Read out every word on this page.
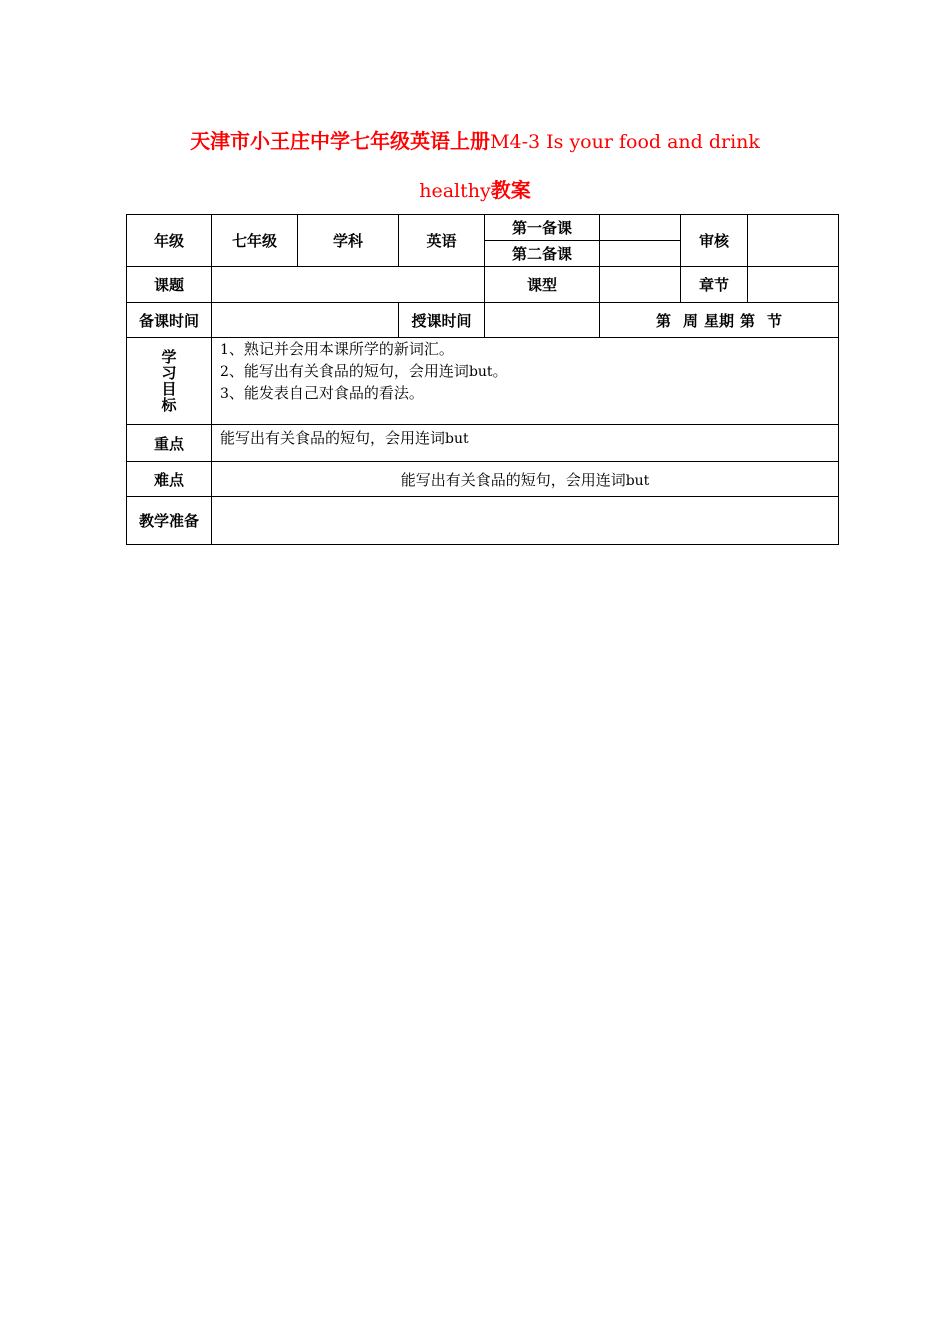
天津市小王庄中学七年级英语上册M4-3 Is your food and drink
healthy教案
年级	七年级	学科	英语	第一备课		审核	
				第二备课			
课题				课型		章节	
备课时间			授课时间		第 周 星期 第 节		
学习目标	1、熟记并会用本课所学的新词汇。
2、能写出有关食品的短句，会用连词but。
3、能发表自己对食品的看法。						

重点	能写出有关食品的短句，会用连词but						
难点	能写出有关食品的短句，会用连词but						
教学准备							
